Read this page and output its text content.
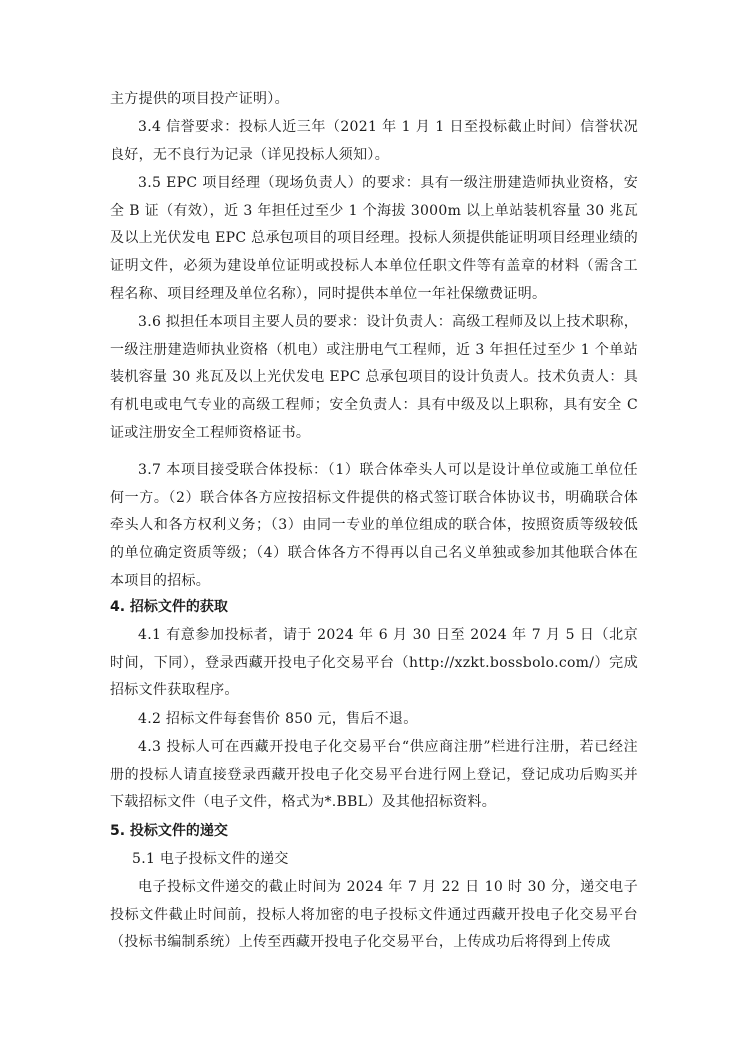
主方提供的项目投产证明）。
3.4 信誉要求：投标人近三年（2021 年 1 月 1 日至投标截止时间）信誉状况良好，无不良行为记录（详见投标人须知）。
3.5 EPC 项目经理（现场负责人）的要求：具有一级注册建造师执业资格，安全 B 证（有效），近 3 年担任过至少 1 个海拔 3000m 以上单站装机容量 30 兆瓦及以上光伏发电 EPC 总承包项目的项目经理。投标人须提供能证明项目经理业绩的证明文件，必须为建设单位证明或投标人本单位任职文件等有盖章的材料（需含工程名称、项目经理及单位名称），同时提供本单位一年社保缴费证明。
3.6 拟担任本项目主要人员的要求：设计负责人：高级工程师及以上技术职称，一级注册建造师执业资格（机电）或注册电气工程师，近 3 年担任过至少 1 个单站装机容量 30 兆瓦及以上光伏发电 EPC 总承包项目的设计负责人。技术负责人：具有机电或电气专业的高级工程师；安全负责人：具有中级及以上职称，具有安全 C 证或注册安全工程师资格证书。
3.7 本项目接受联合体投标：（1）联合体牵头人可以是设计单位或施工单位任何一方。（2）联合体各方应按招标文件提供的格式签订联合体协议书，明确联合体牵头人和各方权利义务；（3）由同一专业的单位组成的联合体，按照资质等级较低的单位确定资质等级；（4）联合体各方不得再以自己名义单独或参加其他联合体在本项目的招标。
4. 招标文件的获取
4.1 有意参加投标者，请于 2024 年 6 月 30 日至 2024 年 7 月 5 日（北京时间，下同），登录西藏开投电子化交易平台（http://xzkt.bossbolo.com/）完成招标文件获取程序。
4.2 招标文件每套售价 850 元，售后不退。
4.3 投标人可在西藏开投电子化交易平台“供应商注册”栏进行注册，若已经注册的投标人请直接登录西藏开投电子化交易平台进行网上登记，登记成功后购买并下载招标文件（电子文件，格式为*.BBL）及其他招标资料。
5. 投标文件的递交
5.1 电子投标文件的递交
电子投标文件递交的截止时间为 2024 年 7 月 22 日 10 时 30 分，递交电子投标文件截止时间前，投标人将加密的电子投标文件通过西藏开投电子化交易平台（投标书编制系统）上传至西藏开投电子化交易平台，上传成功后将得到上传成
